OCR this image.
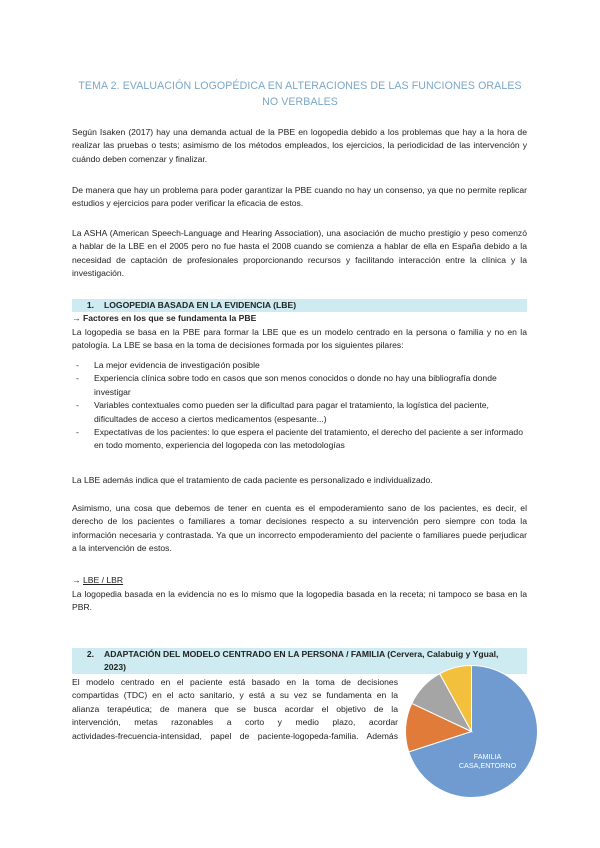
TEMA 2. EVALUACIÓN LOGOPÉDICA EN ALTERACIONES DE LAS FUNCIONES ORALES NO VERBALES
Según Isaken (2017) hay una demanda actual de la PBE en logopedia debido a los problemas que hay a la hora de realizar las pruebas o tests; asimismo de los métodos empleados, los ejercicios, la periodicidad de las intervención y cuándo deben comenzar y finalizar.
De manera que hay un problema para poder garantizar la PBE cuando no hay un consenso, ya que no permite replicar estudios y ejercicios para poder verificar la eficacia de estos.
La ASHA (American Speech-Language and Hearing Association), una asociación de mucho prestigio y peso comenzó a hablar de la LBE en el 2005 pero no fue hasta el 2008 cuando se comienza a hablar de ella en España debido a la necesidad de captación de profesionales proporcionando recursos y facilitando interacción entre la clínica y la investigación.
1. LOGOPEDIA BASADA EN LA EVIDENCIA (LBE)
→ Factores en los que se fundamenta la PBE
La logopedia se basa en la PBE para formar la LBE que es un modelo centrado en la persona o familia y no en la patología. La LBE se basa en la toma de decisiones formada por los siguientes pilares:
- La mejor evidencia de investigación posible
- Experiencia clínica sobre todo en casos que son menos conocidos o donde no hay una bibliografía donde investigar
- Variables contextuales como pueden ser la dificultad para pagar el tratamiento, la logística del paciente, dificultades de acceso a ciertos medicamentos (espesante...)
- Expectativas de los pacientes: lo que espera el paciente del tratamiento, el derecho del paciente a ser informado en todo momento, experiencia del logopeda con las metodologías
La LBE además indica que el tratamiento de cada paciente es personalizado e individualizado.
Asimismo, una cosa que debemos de tener en cuenta es el empoderamiento sano de los pacientes, es decir, el derecho de los pacientes o familiares a tomar decisiones respecto a su intervención pero siempre con toda la información necesaria y contrastada. Ya que un incorrecto empoderamiento del paciente o familiares puede perjudicar a la intervención de estos.
→ LBE / LBR
La logopedia basada en la evidencia no es lo mismo que la logopedia basada en la receta; ni tampoco se basa en la PBR.
2. ADAPTACIÓN DEL MODELO CENTRADO EN LA PERSONA / FAMILIA (Cervera, Calabuig y Ygual,
2023)
El modelo centrado en el paciente está basado en la toma de decisiones
compartidas (TDC) en el acto sanitario, y está a su vez se fundamenta en la
alianza terapéutica; de manera que se busca acordar el objetivo de la
intervención, metas razonables a corto y medio plazo, acordar
actividades-frecuencia-intensidad, papel de paciente-logopeda-familia. Además
FAMILIA CASA,ENTORNO
